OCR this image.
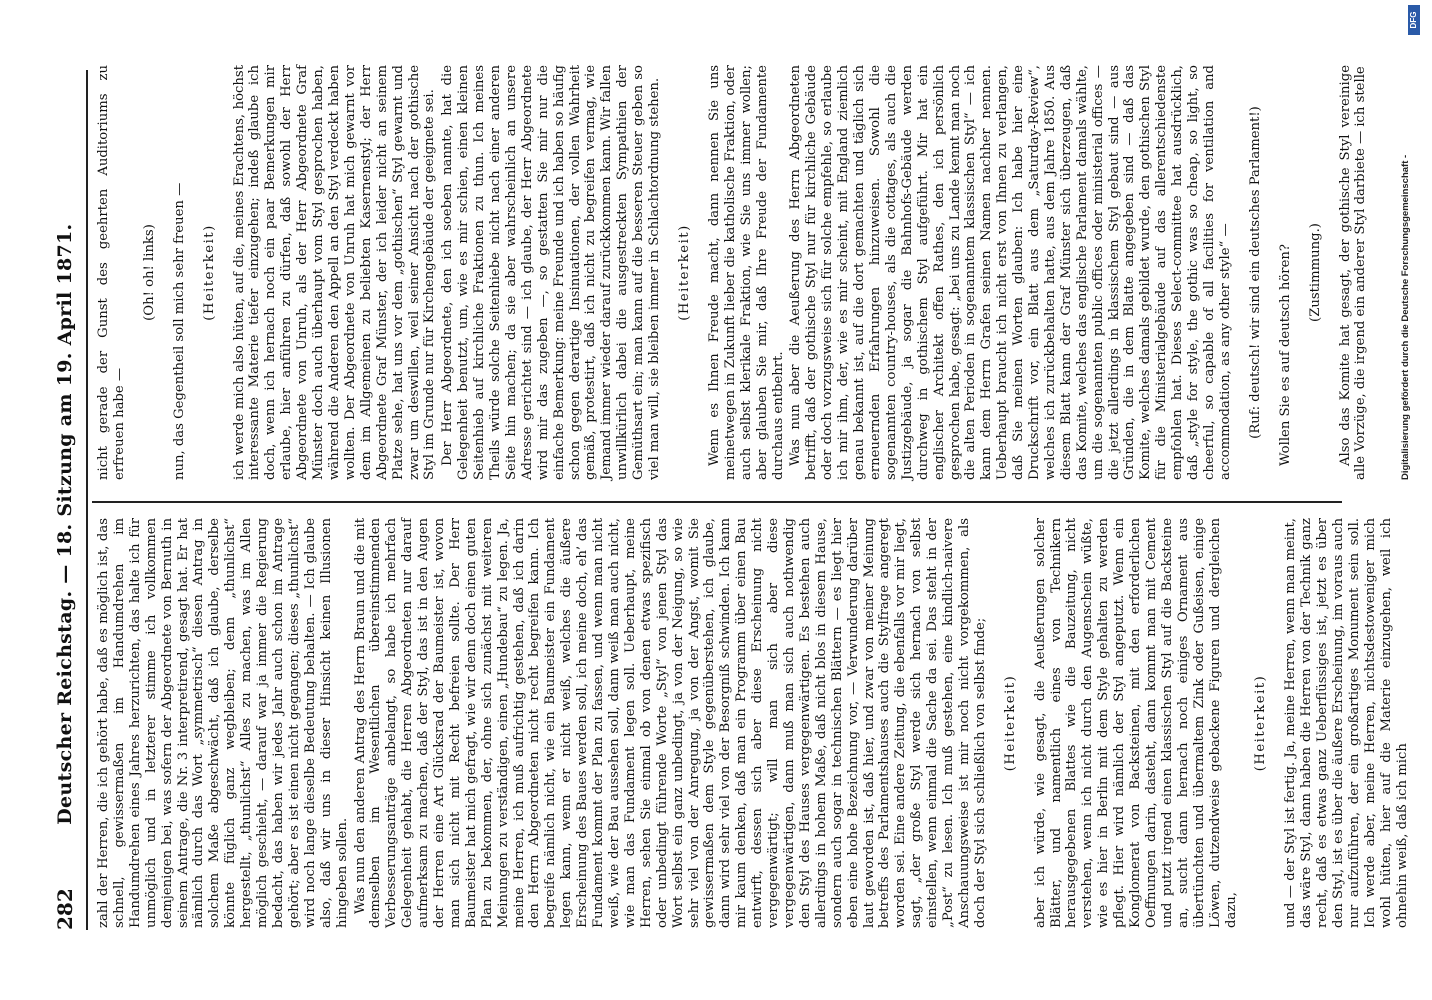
282
Deutscher Reichstag. — 18. Sitzung am 19. April 1871. zahl der Herren, die ich gehört habe, daß es möglich ist, das schnell, gewissermaßen im Handumdrehen im Handumdrehen eines Jahres herzurichten, das halte ich für unmöglich und in letzterer stimme ich vollkommen demjenigen bei, was sofern der Abgeordnete von Bernuth in seinem Antrage, die Nr. 3 interpretirend, gesagt hat. Er hat nämlich durch das Wort „symmetrisch“ diesen Antrag in solchem Maße abgeschwächt, daß ich glaube, derselbe könnte füglich ganz wegbleiben; denn „thunlichst“ hergestellt, „thunlichst“ Alles zu machen, was im Allen möglich geschieht, — darauf war ja immer die Regierung bedacht, das haben wir jedes Jahr auch schon im Antrage gehört; aber es ist einen nicht gegangen; dieses „thunlichst“ wird noch lange dieselbe Bedeutung behalten. — Ich glaube also, daß wir uns in dieser Hinsicht keinen Illusionen hingeben sollen. Was nun den anderen Antrag des Herrn Braun und die mit demselben im Wesentlichen übereinstimmenden Verbesserungsanträge anbelangt, so habe ich mehrfach Gelegenheit gehabt, die Herren Abgeordneten nur darauf aufmerksam zu machen, daß der Styl, das ist in den Augen der Herren eine Art Glücksrad der Baumeister ist, wovon man sich nicht mit Recht befreien sollte. Der Herr Baumeister hat mich gefragt, wie wir denn doch einen guten Plan zu bekommen, der, ohne sich zunächst mit weiteren Meinungen zu verständigen, einen „Hundebau“ zu legen. Ja, meine Herren, ich muß aufrichtig gestehen, daß ich darin den Herrn Abgeordneten nicht recht begreifen kann. Ich begreife nämlich nicht, wie ein Baumeister ein Fundament legen kann, wenn er nicht weiß, welches die äußere Erscheinung des Baues werden soll, ich meine doch, eh’ das Fundament kommt der Plan zu fassen, und wenn man nicht weiß, wie der Bau aussehen soll, dann weiß man auch nicht, wie man das Fundament legen soll. Ueberhaupt, meine Herren, sehen Sie einmal ob von denen etwas spezifisch oder unbedingt führende Worte „Styl“ von jenen Styl das Wort selbst ein ganz unbedingt, ja von der Neigung, so wie sehr viel von der Anregung, ja von der Angst, womit Sie gewissermaßen dem Style gegenüberstehen, ich glaube, dann wird sehr viel von der Besorgniß schwinden. Ich kann mir kaum denken, daß man ein Programm über einen Bau entwirft, dessen sich aber diese Erscheinung nicht vergegenwärtigt; will man sich aber diese vergegenwärtigen, dann muß man sich auch nothwendig den Styl des Hauses vergegenwärtigen. Es bestehen auch allerdings in hohem Maße, daß nicht blos in diesem Hause, sondern auch sogar in technischen Blättern — es liegt hier eben eine hohe Bezeichnung vor, — Verwunderung darüber laut geworden ist, daß hier, und zwar von meiner Meinung betreffs des Parlamentshauses auch die Stylfrage angeregt worden sei. Eine andere Zeitung, die ebenfalls vor mir liegt, sagt, „der große Styl werde sich hernach von selbst einstellen, wenn einmal die Sache da sei. Das steht in der „Post“ zu lesen. Ich muß gestehen, eine kindlich-naivere Anschauungsweise ist mir noch nicht vorgekommen, als doch der Styl sich schließlich von selbst finde; (Heiterkeit) aber ich würde, wie gesagt, die Aeußerungen solcher Blätter, und namentlich eines von Technikern herausgegebenen Blattes wie die Bauzeitung, nicht verstehen, wenn ich nicht durch den Augenschein wüßte, wie es hier in Berlin mit dem Style gehalten zu werden pflegt. Hier wird nämlich der Styl angeputzt. Wenn ein Konglomerat von Backsteinen, mit den erforderlichen Oeffnungen darin, dasteht, dann kommt man mit Cement und putzt irgend einen klassischen Styl auf die Backsteine an, sucht dann hernach noch einiges Ornament aus übertünchten und übermaltem Zink oder Gußeisen, einige Löwen, dutzendweise gebackene Figuren und dergleichen dazu,

(Heiterkeit) und — der Styl ist fertig. Ja, meine Herren, wenn man meint, das wäre Styl, dann haben die Herren von der Technik ganz recht, daß es etwas ganz Ueberflüssiges ist, jetzt es über den Styl, ist es über die äußere Erscheinung, im voraus auch nur aufzuführen, der ein großartiges Monument sein soll. Ich werde aber, meine Herren, nichtsdestoweniger mich wohl hüten, hier auf die Materie einzugehen, weil ich ohnehin weiß, daß ich mich

nicht gerade der Gunst des geehrten Auditoriums zu erfreuen habe —

(Oh! oh! links) nun, das Gegentheil soll mich sehr freuen — (Heiterkeit) ich werde mich also hüten, auf die, meines Erachtens, höchst interessante Materie tiefer einzugehen; indeß glaube ich doch, wenn ich hernach noch ein paar Bemerkungen mir erlaube, hier anführen zu dürfen, daß sowohl der Herr Abgeordnete von Unruh, als der Herr Abgeordnete Graf Münster doch auch überhaupt vom Styl gesprochen haben, während die Anderen den Appell an den Styl verdeckt haben wollten. Der Abgeordnete von Unruh hat mich gewarnt vor dem im Allgemeinen zu beliebten Kasernenstyl; der Herr Abgeordnete Graf Münster, der ich leider nicht an seinem Platze sehe, hat uns vor dem „gothischen“ Styl gewarnt und zwar um deswillen, weil seiner Ansicht nach der gothische Styl im Grunde nur für Kirchengebäude der geeignete sei. Der Herr Abgeordnete, den ich soeben nannte, hat die Gelegenheit benutzt, um, wie es mir schien, einen kleinen Seitenhieb auf kirchliche Fraktionen zu thun. Ich meines Theils würde solche Seitenhiebe nicht nach einer anderen Seite hin machen; da sie aber wahrscheinlich an unsere Adresse gerichtet sind — ich glaube, der Herr Abgeordnete wird mir das zugeben —, so gestatten Sie mir nur die einfache Bemerkung: meine Freunde und ich haben so häufig schon gegen derartige Insinuationen, der vollen Wahrheit gemäß, protestirt, daß ich nicht zu begreifen vermag, wie Jemand immer wieder darauf zurückkommen kann. Wir fallen unwillkürlich dabei die ausgestreckten Sympathien der Gemüthsart ein; man kann auf die besseren Steuer geben so viel man will, sie bleiben immer in Schlachtordnung stehen. (Heiterkeit) Wenn es Ihnen Freude macht, dann nennen Sie uns meinetwegen in Zukunft lieber die katholische Fraktion, oder auch selbst klerikale Fraktion, wie Sie uns immer wollen; aber glauben Sie mir, daß Ihre Freude der Fundamente durchaus entbehrt. Was nun aber die Aeußerung des Herrn Abgeordneten betrifft, daß der gothische Styl nur für kirchliche Gebäude oder doch vorzugsweise sich für solche empfehle, so erlaube ich mir ihm, der, wie es mir scheint, mit England ziemlich genau bekannt ist, auf die dort gemachten und täglich sich erneuernden Erfahrungen hinzuweisen. Sowohl die sogenannten country-houses, als die cottages, als auch die Justizgebäude, ja sogar die Bahnhofs-Gebäude werden durchweg in gothischem Styl aufgeführt. Mir hat ein englischer Architekt offen Rathes, den ich persönlich gesprochen habe, gesagt: „bei uns zu Lande kennt man noch die alten Perioden in sogenanntem klassischen Styl“ — ich kann dem Herrn Grafen seinen Namen nachher nennen. Ueberhaupt braucht ich nicht erst von Ihnen zu verlangen, daß Sie meinen Worten glauben: Ich habe hier eine Druckschrift vor, ein Blatt aus dem „Saturday-Review“, welches ich zurückbehalten hatte, aus dem Jahre 1850. Aus diesem Blatt kann der Graf Münster sich überzeugen, daß das Komite, welches das englische Parlament damals wählte, um die sogenannten public offices oder ministerial offices — die jetzt allerdings in klassischem Styl gebaut sind — aus Gründen, die in dem Blatte angegeben sind — daß das Komite, welches damals gebildet wurde, den gothischen Styl für die Ministerialgebäude auf das allerentschiedenste empfohlen hat. Dieses Select-committee hat ausdrücklich, daß „style for style, the gothic was so cheap, so light, so cheerful, so capable of all facilities for ventilation and accommodation, as any other style“ — (Ruf: deutsch! wir sind ein deutsches Parlament!) Wollen Sie es auf deutsch hören? (Zustimmung.) Also das Komite hat gesagt, der gothische Styl vereinige alle Vorzüge, die irgend ein anderer Styl darbiete — ich stelle	Digitalisierung gefördert durch die Deutsche Forschungsgemeinschaft -
DFG
